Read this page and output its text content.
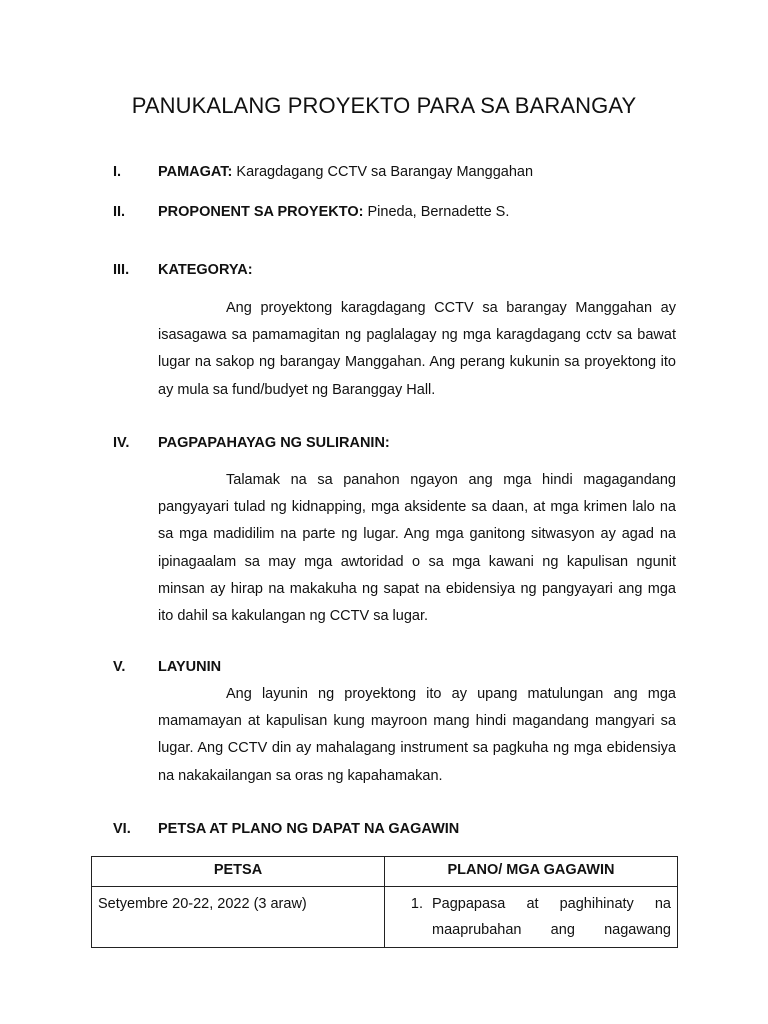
PANUKALANG PROYEKTO PARA SA BARANGAY
I.	PAMAGAT: Karagdagang CCTV sa Barangay Manggahan
II. PROPONENT SA PROYEKTO: Pineda, Bernadette S.
III. KATEGORYA:
Ang proyektong karagdagang CCTV sa barangay Manggahan ay isasagawa sa pamamagitan ng paglalagay ng mga karagdagang cctv sa bawat lugar na sakop ng barangay Manggahan. Ang perang kukunin sa proyektong ito ay mula sa fund/budyet ng Baranggay Hall.
IV. PAGPAPAHAYAG NG SULIRANIN:
Talamak na sa panahon ngayon ang mga hindi magagandang pangyayari tulad ng kidnapping, mga aksidente sa daan, at mga krimen lalo na sa mga madidilim na parte ng lugar. Ang mga ganitong sitwasyon ay agad na ipinagaalam sa may mga awtoridad o sa mga kawani ng kapulisan ngunit minsan ay hirap na makakuha ng sapat na ebidensiya ng pangyayari ang mga ito dahil sa kakulangan ng CCTV sa lugar.
V. LAYUNIN
Ang layunin ng proyektong ito ay upang matulungan ang mga mamamayan at kapulisan kung mayroon mang hindi magandang mangyari sa lugar. Ang CCTV din ay mahalagang instrument sa pagkuha ng mga ebidensiya na nakakailangan sa oras ng kapahamakan.
VI. PETSA AT PLANO NG DAPAT NA GAGAWIN
PETSA	PLANO/ MGA GAGAWIN
Setyembre 20-22, 2022 (3 araw)	1. Pagpapasa at paghihinaty na
maaprubahan ang nagawang
